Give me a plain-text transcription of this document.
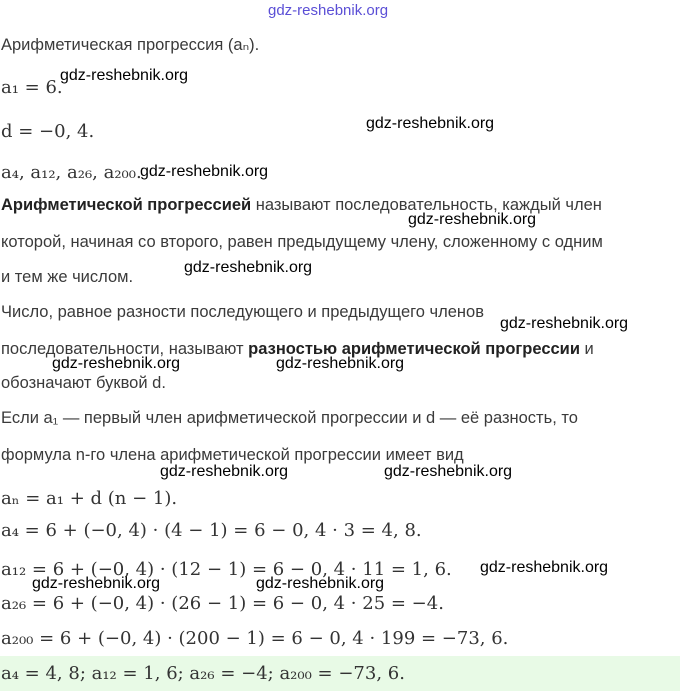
gdz-reshebnik.org
Арифметическая прогрессия (aₙ).
a₁ = 6.
d = −0, 4.
a₄, a₁₂, a₂₆, a₂₀₀.
Арифметической прогрессией называют последовательность, каждый член
которой, начиная со второго, равен предыдущему члену, сложенному с одним
и тем же числом.
Число, равное разности последующего и предыдущего членов
последовательности, называют разностью арифметической прогрессии и
обозначают буквой d.
Если a₁ — первый член арифметической прогрессии и d — её разность, то
формула n-го члена арифметической прогрессии имеет вид
aₙ = a₁ + d (n − 1).
a₄ = 6 + (−0, 4) · (4 − 1) = 6 − 0, 4 · 3 = 4, 8.
a₁₂ = 6 + (−0, 4) · (12 − 1) = 6 − 0, 4 · 11 = 1, 6.
a₂₆ = 6 + (−0, 4) · (26 − 1) = 6 − 0, 4 · 25 = −4.
a₂₀₀ = 6 + (−0, 4) · (200 − 1) = 6 − 0, 4 · 199 = −73, 6.
a₄ = 4, 8; a₁₂ = 1, 6; a₂₆ = −4; a₂₀₀ = −73, 6.
gdz-reshebnik.org
gdz-reshebnik.org
gdz-reshebnik.org
gdz-reshebnik.org
gdz-reshebnik.org
gdz-reshebnik.org
gdz-reshebnik.org	gdz-reshebnik.org
gdz-reshebnik.org	gdz-reshebnik.org
gdz-reshebnik.org
gdz-reshebnik.org	gdz-reshebnik.org
